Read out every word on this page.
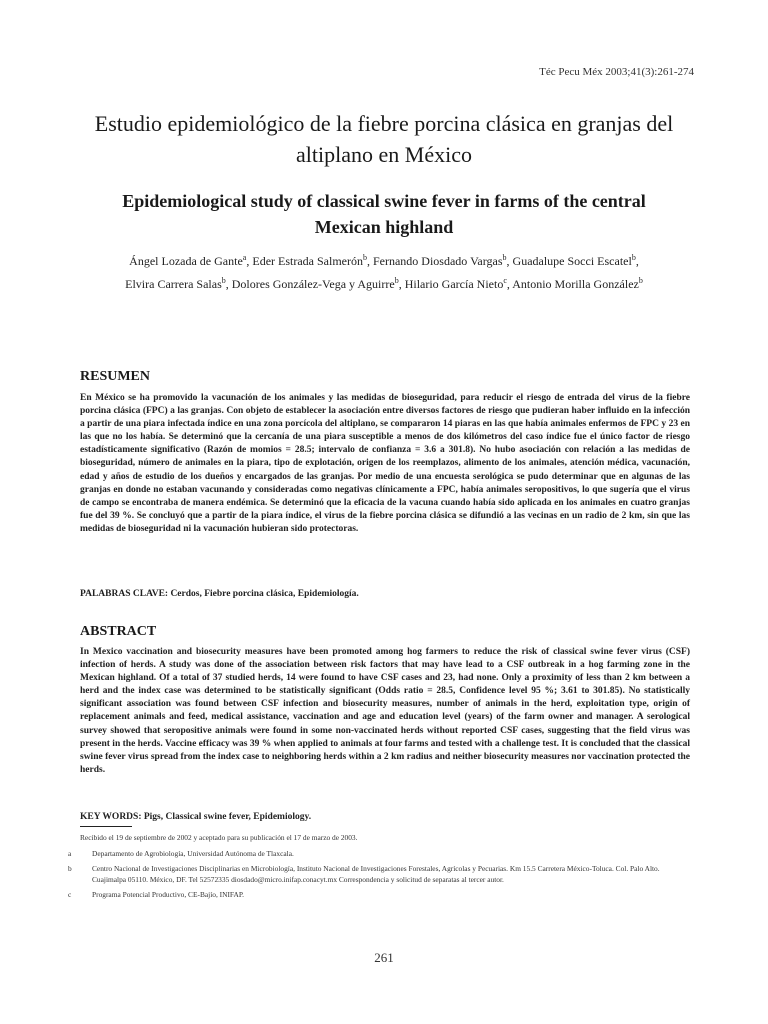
Téc Pecu Méx 2003;41(3):261-274
Estudio epidemiológico de la fiebre porcina clásica en granjas del altiplano en México
Epidemiological study of classical swine fever in farms of the central Mexican highland
Ángel Lozada de Gante$^a$, Eder Estrada Salmerón$^b$, Fernando Diosdado Vargas$^b$, Guadalupe Socci Escatel$^b$, Elvira Carrera Salas$^b$, Dolores González-Vega y Aguirre$^b$, Hilario García Nieto$^c$, Antonio Morilla González$^b$
RESUMEN
En México se ha promovido la vacunación de los animales y las medidas de bioseguridad, para reducir el riesgo de entrada del virus de la fiebre porcina clásica (FPC) a las granjas. Con objeto de establecer la asociación entre diversos factores de riesgo que pudieran haber influido en la infección a partir de una piara infectada índice en una zona porcícola del altiplano, se compararon 14 piaras en las que había animales enfermos de FPC y 23 en las que no los había. Se determinó que la cercanía de una piara susceptible a menos de dos kilómetros del caso índice fue el único factor de riesgo estadísticamente significativo (Razón de momios = 28.5; intervalo de confianza = 3.6 a 301.8). No hubo asociación con relación a las medidas de bioseguridad, número de animales en la piara, tipo de explotación, origen de los reemplazos, alimento de los animales, atención médica, vacunación, edad y años de estudio de los dueños y encargados de las granjas. Por medio de una encuesta serológica se pudo determinar que en algunas de las granjas en donde no estaban vacunando y consideradas como negativas clínicamente a FPC, había animales seropositivos, lo que sugería que el virus de campo se encontraba de manera endémica. Se determinó que la eficacia de la vacuna cuando había sido aplicada en los animales en cuatro granjas fue del 39 %. Se concluyó que a partir de la piara índice, el virus de la fiebre porcina clásica se difundió a las vecinas en un radio de 2 km, sin que las medidas de bioseguridad ni la vacunación hubieran sido protectoras.
PALABRAS CLAVE: Cerdos, Fiebre porcina clásica, Epidemiología.
ABSTRACT
In Mexico vaccination and biosecurity measures have been promoted among hog farmers to reduce the risk of classical swine fever virus (CSF) infection of herds. A study was done of the association between risk factors that may have lead to a CSF outbreak in a hog farming zone in the Mexican highland. Of a total of 37 studied herds, 14 were found to have CSF cases and 23, had none. Only a proximity of less than 2 km between a herd and the index case was determined to be statistically significant (Odds ratio = 28.5, Confidence level 95 %; 3.61 to 301.85). No statistically significant association was found between CSF infection and biosecurity measures, number of animals in the herd, exploitation type, origin of replacement animals and feed, medical assistance, vaccination and age and education level (years) of the farm owner and manager. A serological survey showed that seropositive animals were found in some non-vaccinated herds without reported CSF cases, suggesting that the field virus was present in the herds. Vaccine efficacy was 39 % when applied to animals at four farms and tested with a challenge test. It is concluded that the classical swine fever virus spread from the index case to neighboring herds within a 2 km radius and neither biosecurity measures nor vaccination protected the herds.
KEY WORDS: Pigs, Classical swine fever, Epidemiology.

Recibido el 19 de septiembre de 2002 y aceptado para su publicación el 17 de marzo de 2003.

a	Departamento de Agrobiología, Universidad Autónoma de Tlaxcala.

b	Centro Nacional de Investigaciones Disciplinarias en Microbiología, Instituto Nacional de Investigaciones Forestales, Agrícolas y Pecuarias. Km 15.5 Carretera México-Toluca. Col. Palo Alto. Cuajimalpa 05110. México, DF. Tel 52572335 diosdado@micro.inifap.conacyt.mx Correspondencia y solicitud de separatas al tercer autor.

c	Programa Potencial Productivo, CE-Bajío, INIFAP.

261
